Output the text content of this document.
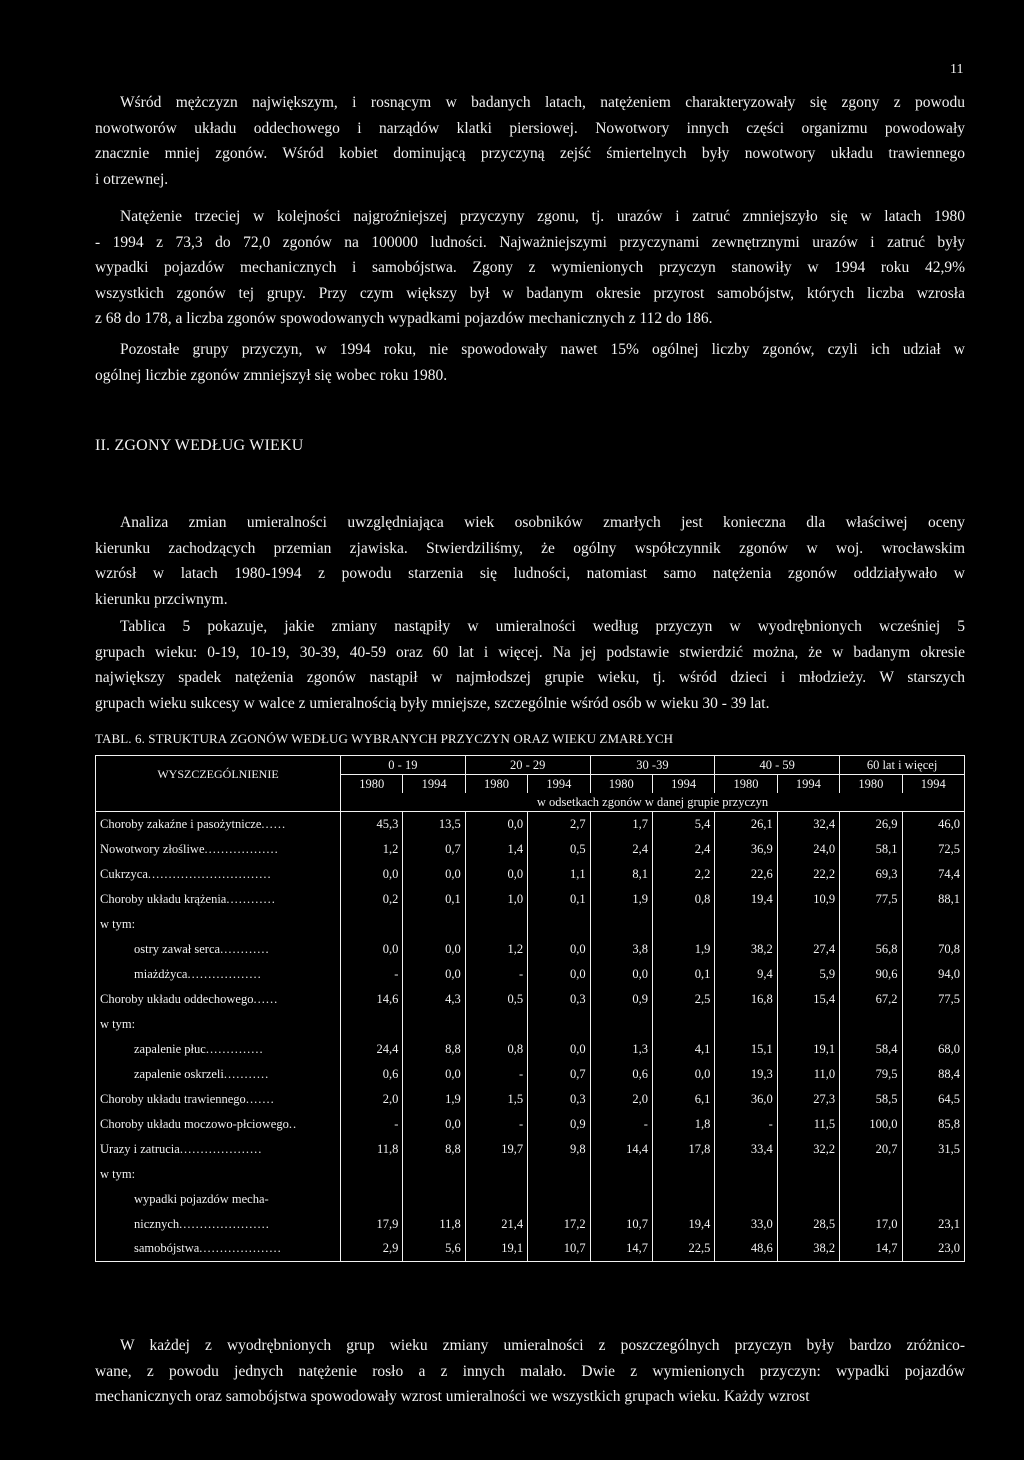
11
Wśród mężczyzn największym, i rosnącym w badanych latach, natężeniem charakteryzowały się zgony z powodu
nowotworów układu oddechowego i narządów klatki piersiowej. Nowotwory innych części organizmu powodowały
znacznie mniej zgonów. Wśród kobiet dominującą przyczyną zejść śmiertelnych były nowotwory układu trawiennego
i otrzewnej.
Natężenie trzeciej w kolejności najgroźniejszej przyczyny zgonu, tj. urazów i zatruć zmniejszyło się w latach 1980
- 1994 z 73,3 do 72,0 zgonów na 100000 ludności. Najważniejszymi przyczynami zewnętrznymi urazów i zatruć były
wypadki pojazdów mechanicznych i samobójstwa. Zgony z wymienionych przyczyn stanowiły w 1994 roku 42,9%
wszystkich zgonów tej grupy. Przy czym większy był w badanym okresie przyrost samobójstw, których liczba wzrosła
z 68 do 178, a liczba zgonów spowodowanych wypadkami pojazdów mechanicznych z 112 do 186.
Pozostałe grupy przyczyn, w 1994 roku, nie spowodowały nawet 15% ogólnej liczby zgonów, czyli ich udział w
ogólnej liczbie zgonów zmniejszył się wobec roku 1980.
II. ZGONY WEDŁUG WIEKU
Analiza zmian umieralności uwzględniająca wiek osobników zmarłych jest konieczna dla właściwej oceny
kierunku zachodzących przemian zjawiska. Stwierdziliśmy, że ogólny współczynnik zgonów w woj. wrocławskim
wzrósł w latach 1980-1994 z powodu starzenia się ludności, natomiast samo natężenia zgonów oddziaływało w
kierunku przciwnym.
Tablica 5 pokazuje, jakie zmiany nastąpiły w umieralności według przyczyn w wyodrębnionych wcześniej 5
grupach wieku: 0-19, 10-19, 30-39, 40-59 oraz 60 lat i więcej. Na jej podstawie stwierdzić można, że w badanym okresie
największy spadek natężenia zgonów nastąpił w najmłodszej grupie wieku, tj. wśród dzieci i młodzieży. W starszych
grupach wieku sukcesy w walce z umieralnością były mniejsze, szczególnie wśród osób w wieku 30 - 39 lat.
TABL. 6. STRUKTURA ZGONÓW WEDŁUG WYBRANYCH PRZYCZYN ORAZ WIEKU ZMARŁYCH
WYSZCZEGÓLNIENIE	0 - 19		20 - 29		30 -39		40 - 59		60 lat i więcej	
	1980	1994	1980	1994	1980	1994	1980	1994	1980	1994
	w odsetkach zgonów w danej grupie przyczyn									
Choroby zakaźne i pasożytnicze......	45,3	13,5	0,0	2,7	1,7	5,4	26,1	32,4	26,9	46,0
Nowotwory złośliwe..................	1,2	0,7	1,4	0,5	2,4	2,4	36,9	24,0	58,1	72,5
Cukrzyca..............................	0,0	0,0	0,0	1,1	8,1	2,2	22,6	22,2	69,3	74,4
Choroby układu krążenia............	0,2	0,1	1,0	0,1	1,9	0,8	19,4	10,9	77,5	88,1
w tym:										
ostry zawał serca............	0,0	0,0	1,2	0,0	3,8	1,9	38,2	27,4	56,8	70,8
miażdżyca..................	-	0,0	-	0,0	0,0	0,1	9,4	5,9	90,6	94,0
Choroby układu oddechowego......	14,6	4,3	0,5	0,3	0,9	2,5	16,8	15,4	67,2	77,5
w tym:										
zapalenie płuc..............	24,4	8,8	0,8	0,0	1,3	4,1	15,1	19,1	58,4	68,0
zapalenie oskrzeli...........	0,6	0,0	-	0,7	0,6	0,0	19,3	11,0	79,5	88,4
Choroby układu trawiennego.......	2,0	1,9	1,5	0,3	2,0	6,1	36,0	27,3	58,5	64,5
Choroby układu moczowo-płciowego..	-	0,0	-	0,9	-	1,8	-	11,5	100,0	85,8
Urazy i zatrucia....................	11,8	8,8	19,7	9,8	14,4	17,8	33,4	32,2	20,7	31,5
w tym:										
wypadki pojazdów mecha-										
nicznych......................	17,9	11,8	21,4	17,2	10,7	19,4	33,0	28,5	17,0	23,1
samobójstwa....................	2,9	5,6	19,1	10,7	14,7	22,5	48,6	38,2	14,7	23,0
W każdej z wyodrębnionych grup wieku zmiany umieralności z poszczególnych przyczyn były bardzo zróżnico-
wane, z powodu jednych natężenie rosło a z innych malało. Dwie z wymienionych przyczyn: wypadki pojazdów
mechanicznych oraz samobójstwa spowodowały wzrost umieralności we wszystkich grupach wieku. Każdy wzrost
